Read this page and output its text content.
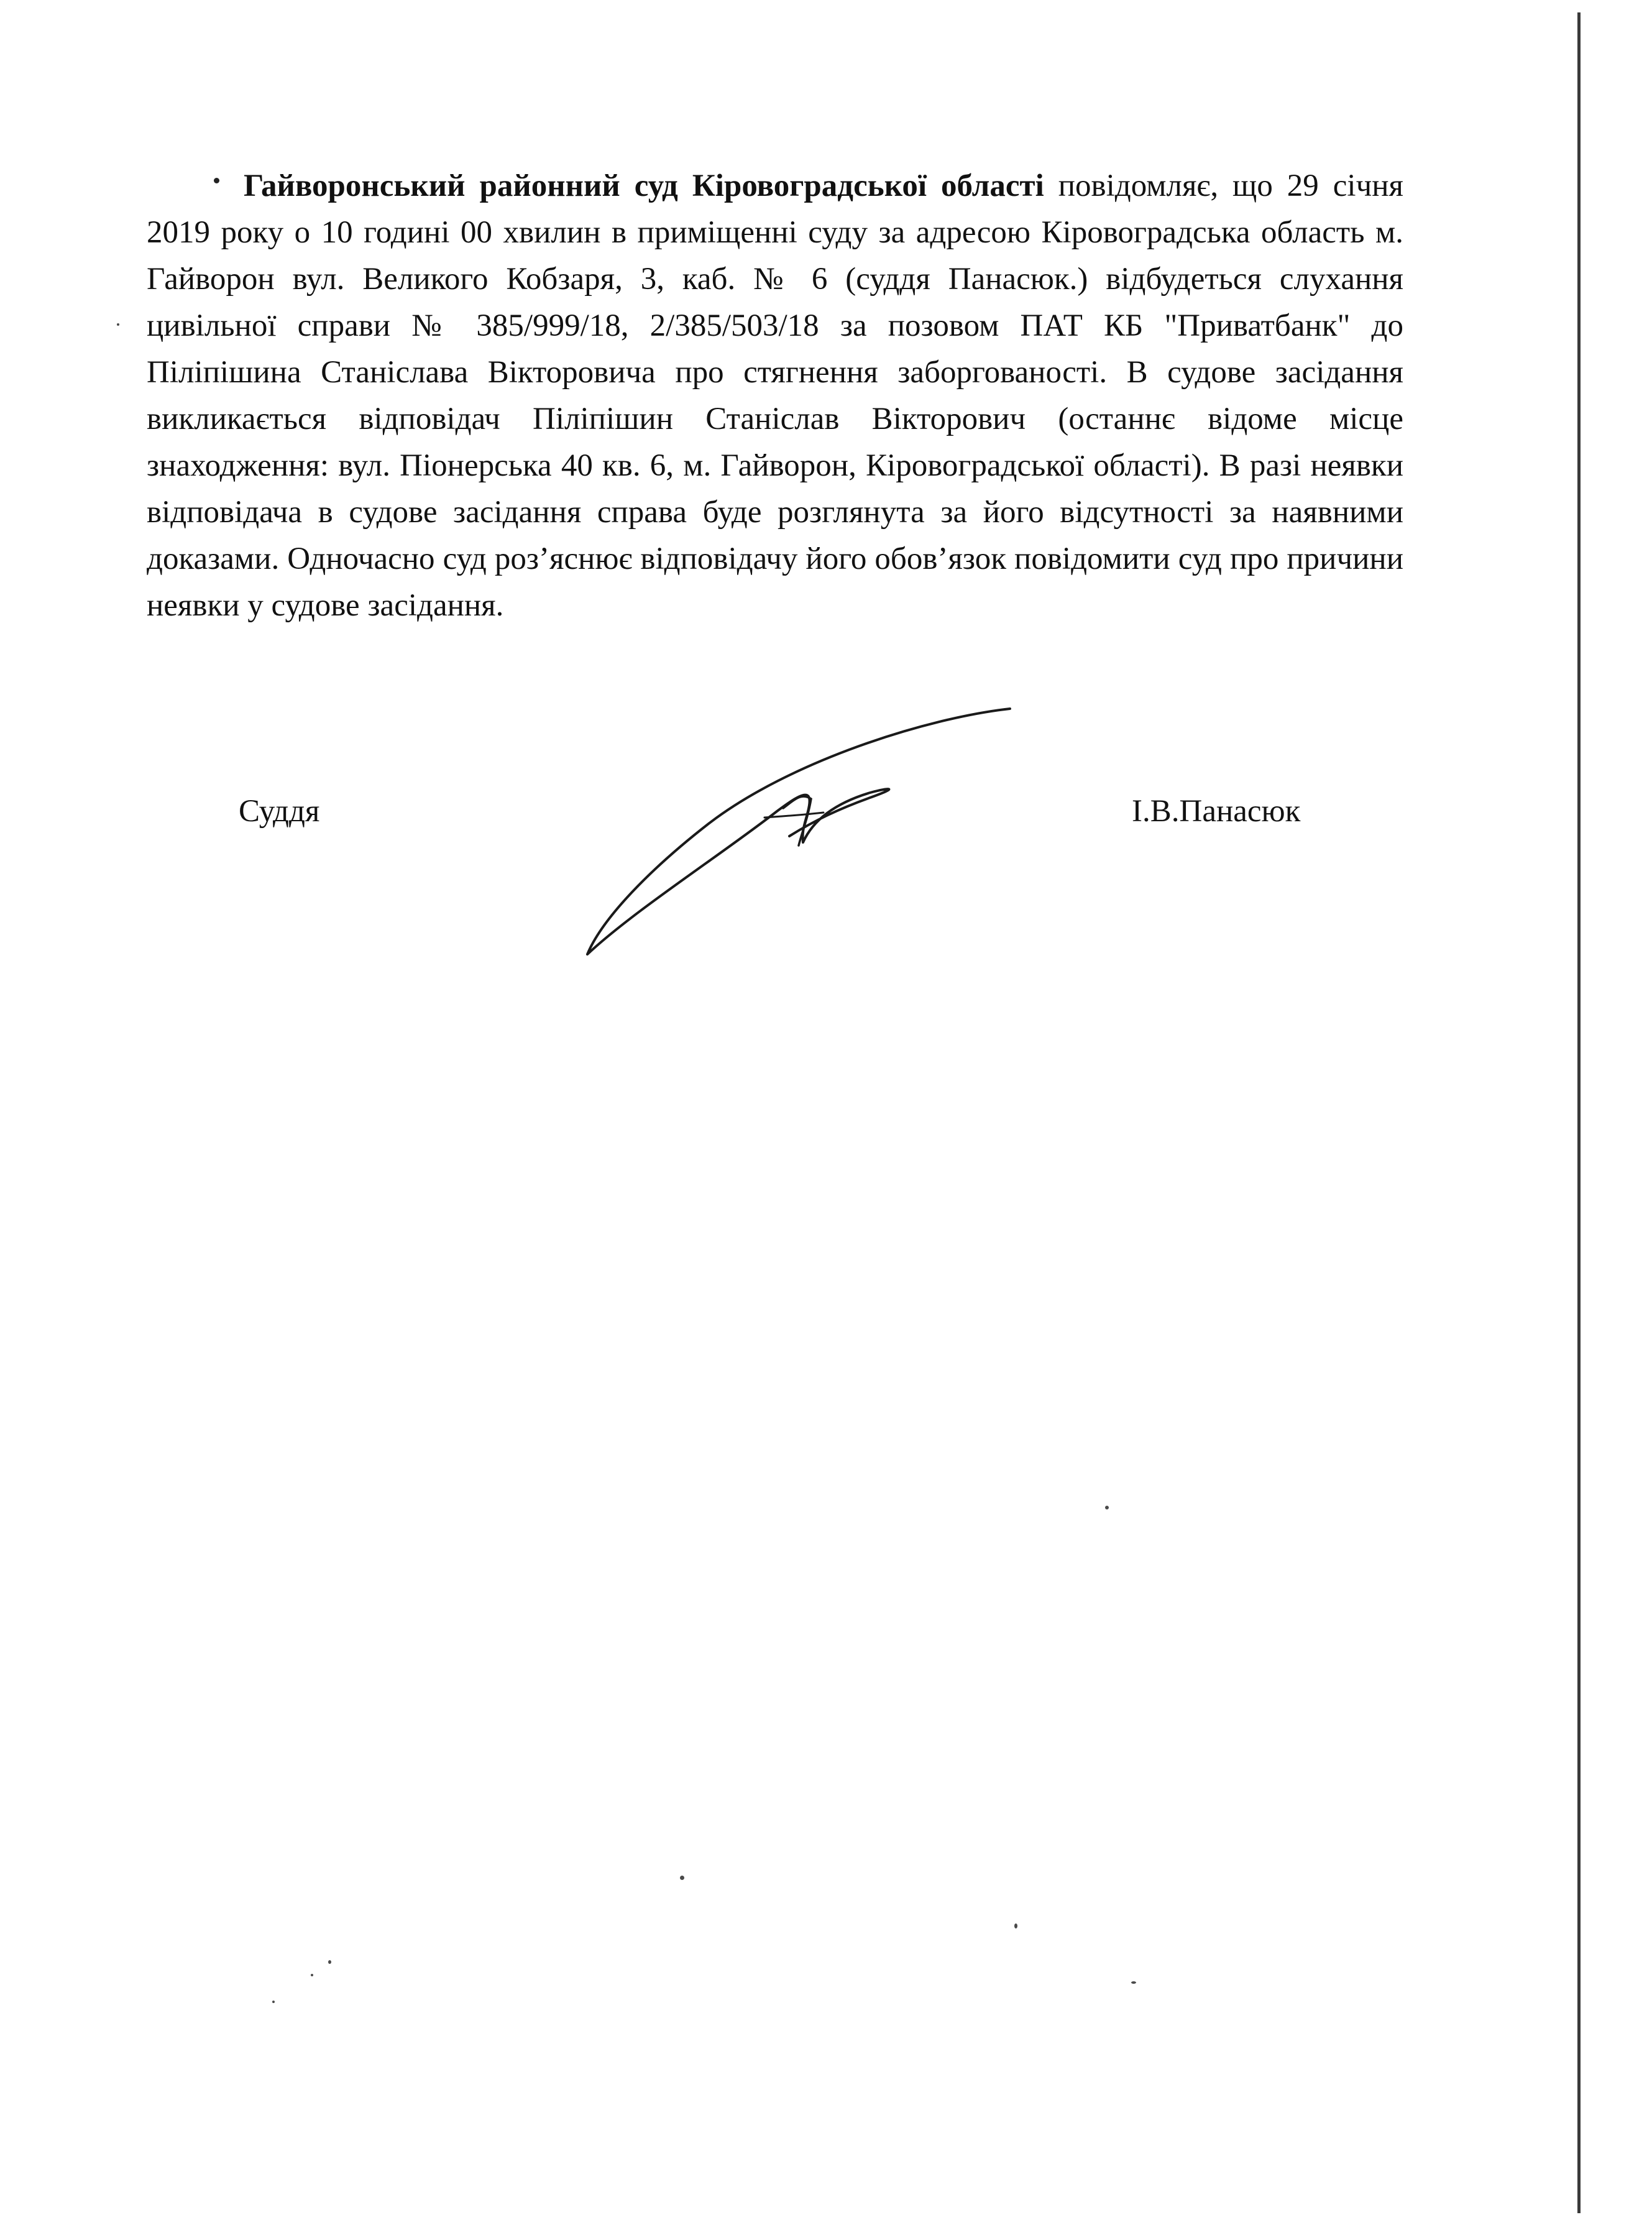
Гайворонський районний суд Кіровоградської області повідомляє, що 29 січня 2019 року о 10 годині 00 хвилин в приміщенні суду за адресою Кіровоградська область м. Гайворон вул. Великого Кобзаря, 3, каб. № 6 (суддя Панасюк.) відбудеться слухання цивільної справи № 385/999/18, 2/385/503/18 за позовом ПАТ КБ "Приватбанк" до Пiлiпiшина Станiслава Вiкторовича про стягнення заборгованостi. В судове засiдання викликається вiдповiдач Пiлiпiшин Станiслав Вiкторович (останнє вiдоме мiсце знаходження: вул. Пiонерська 40 кв. 6, м. Гайворон, Кiровоградської областi). В разi неявки вiдповiдача в судове засiдання справа буде розглянута за його вiдсутностi за наявними доказами. Одночасно суд роз’яснює вiдповiдачу його обов’язок повiдомити суд про причини неявки у судове засiдання.
Суддя	І.В.Панасюк
